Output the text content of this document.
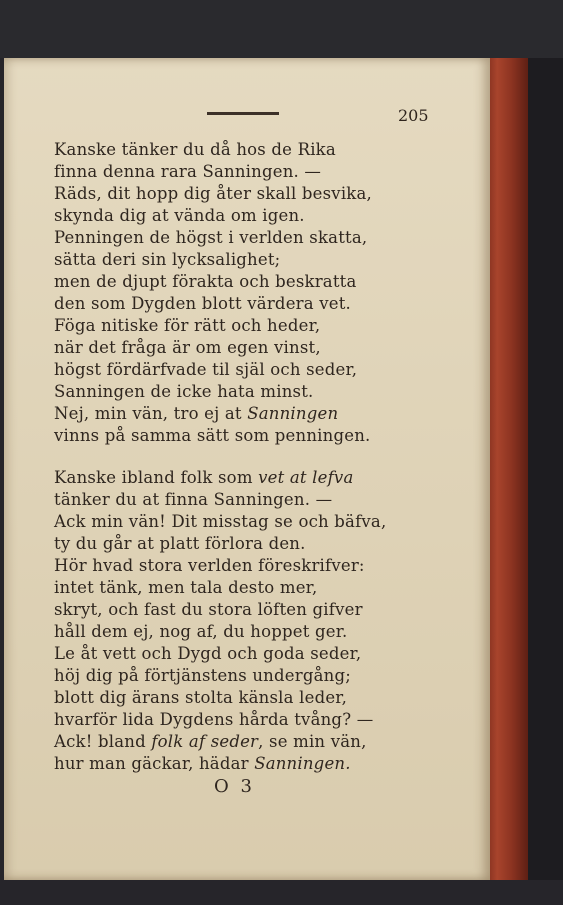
205
Kanske tänker du då hos de Rika
finna denna rara Sanningen. —
Räds, dit hopp dig åter skall besvika,
skynda dig at vända om igen.
Penningen de högst i verlden skatta,
sätta deri sin lycksalighet;
men de djupt förakta och beskratta
den som Dygden blott värdera vet.
Föga nitiske för rätt och heder,
när det fråga är om egen vinst,
högst fördärfvade til själ och seder,
Sanningen de icke hata minst.
Nej, min vän, tro ej at Sanningen
vinns på samma sätt som penningen.
Kanske ibland folk som vet at lefva
tänker du at finna Sanningen. —
Ack min vän! Dit misstag se och bäfva,
ty du går at platt förlora den.
Hör hvad stora verlden föreskrifver:
intet tänk, men tala desto mer,
skryt, och fast du stora löften gifver
håll dem ej, nog af, du hoppet ger.
Le åt vett och Dygd och goda seder,
höj dig på förtjänstens undergång;
blott dig ärans stolta känsla leder,
hvarför lida Dygdens hårda tvång? —
Ack! bland folk af seder, se min vän,
hur man gäckar, hädar Sanningen.
O 3
